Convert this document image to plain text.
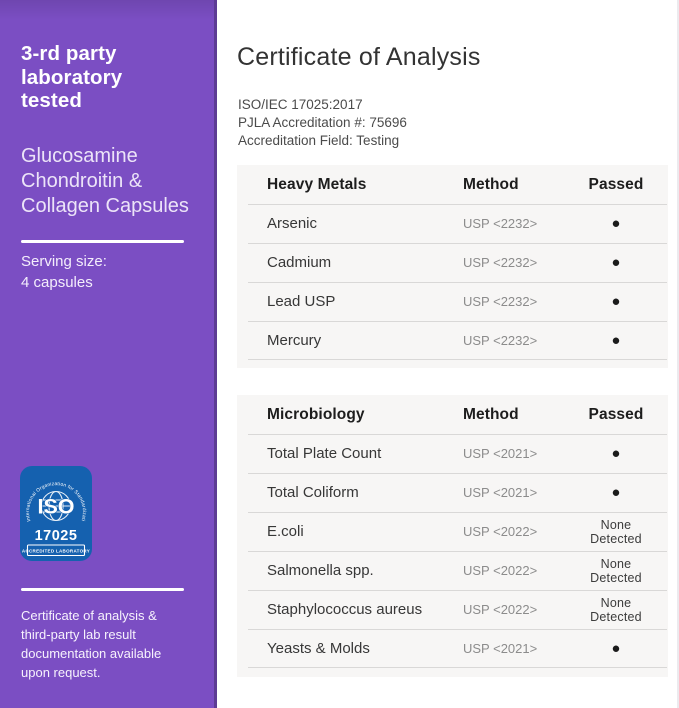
3-rd party
laboratory
tested
Glucosamine
Chondroitin &
Collagen Capsules
Serving size:
4 capsules
International Organization for Standardizati
ISO
17025
ACCREDITED LABORATORY
Certificate of analysis &
third-party lab result
documentation available
upon request.
Certificate of Analysis
ISO/IEC 17025:2017
PJLA Accreditation #: 75696
Accreditation Field: Testing
Heavy Metals	Method	Passed
Arsenic	USP <2232>	●
Cadmium	USP <2232>	●
Lead USP	USP <2232>	●
Mercury	USP <2232>	●
Microbiology	Method	Passed
Total Plate Count	USP <2021>	●
Total Coliform	USP <2021>	●
E.coli	USP <2022>	None Detected
Salmonella spp.	USP <2022>	None Detected
Staphylococcus aureus	USP <2022>	None Detected
Yeasts & Molds	USP <2021>	●
